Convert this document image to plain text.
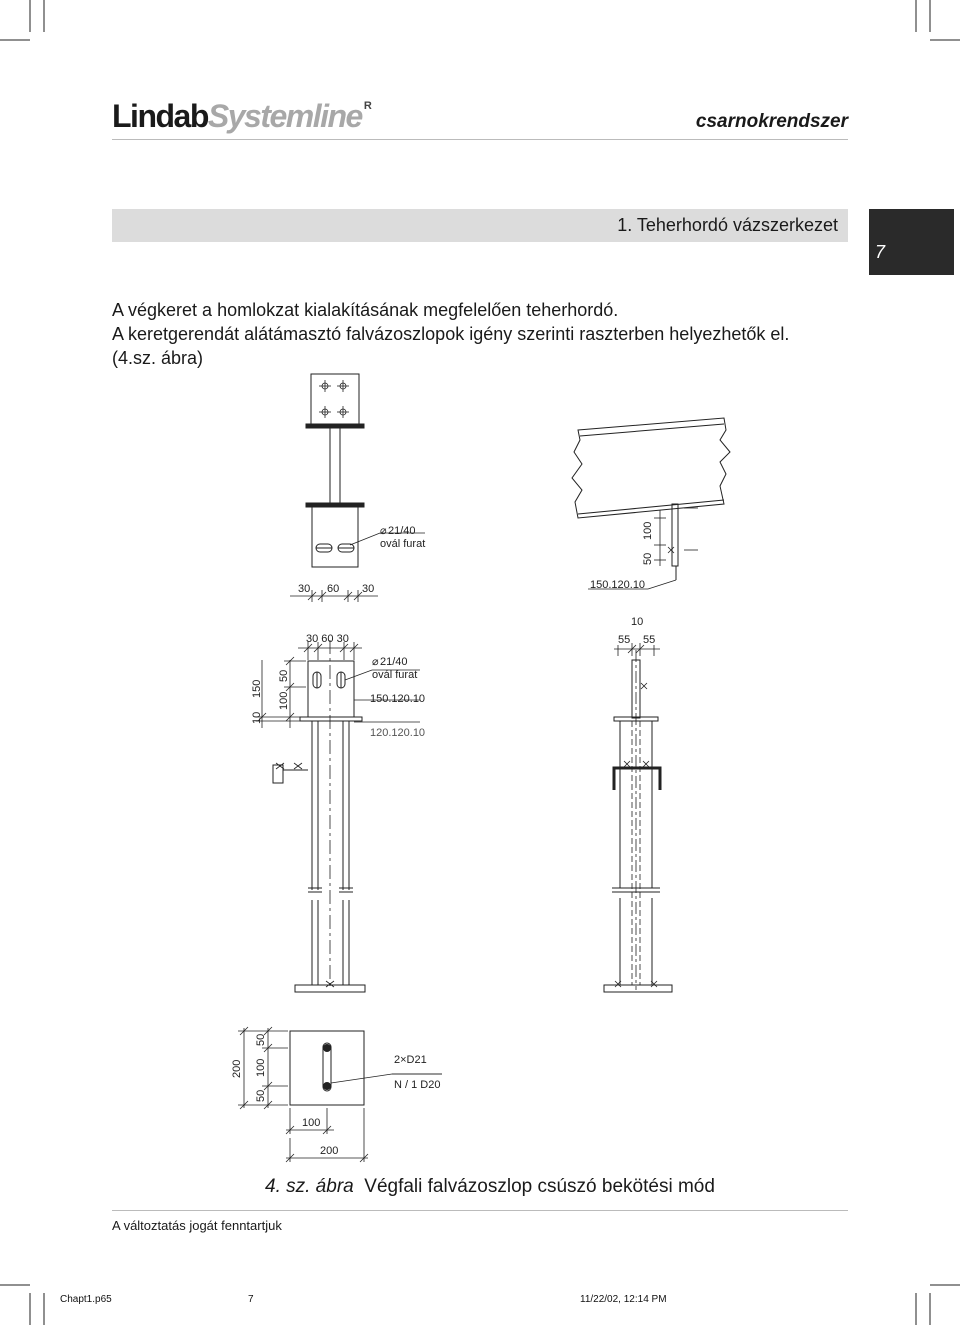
LindabSystemline $^R$
csarnokrendszer
1. Teherhordó vázszerkezet
7

A végkeret a homlokzat kialakításának megfelelően teherhordó.

A keretgerendát alátámasztó falvázoszlopok igény szerinti raszterben helyezhetők el.

(4.sz. ábra)

⌀ 21/40
ovál furat
30 60 30
100
50
150.120.10
30 60 30
⌀ 21/40
ovál furat
150.120.10
120.120.10
10
150
100
50
10
55 55
200
50
100
50
100
200
2×D21
N / 1 D20
4. sz. ábra Végfali falvázoszlop csúszó bekötési mód
A változtatás jogát fenntartjuk
Chapt1.p65	7	11/22/02, 12:14 PM
